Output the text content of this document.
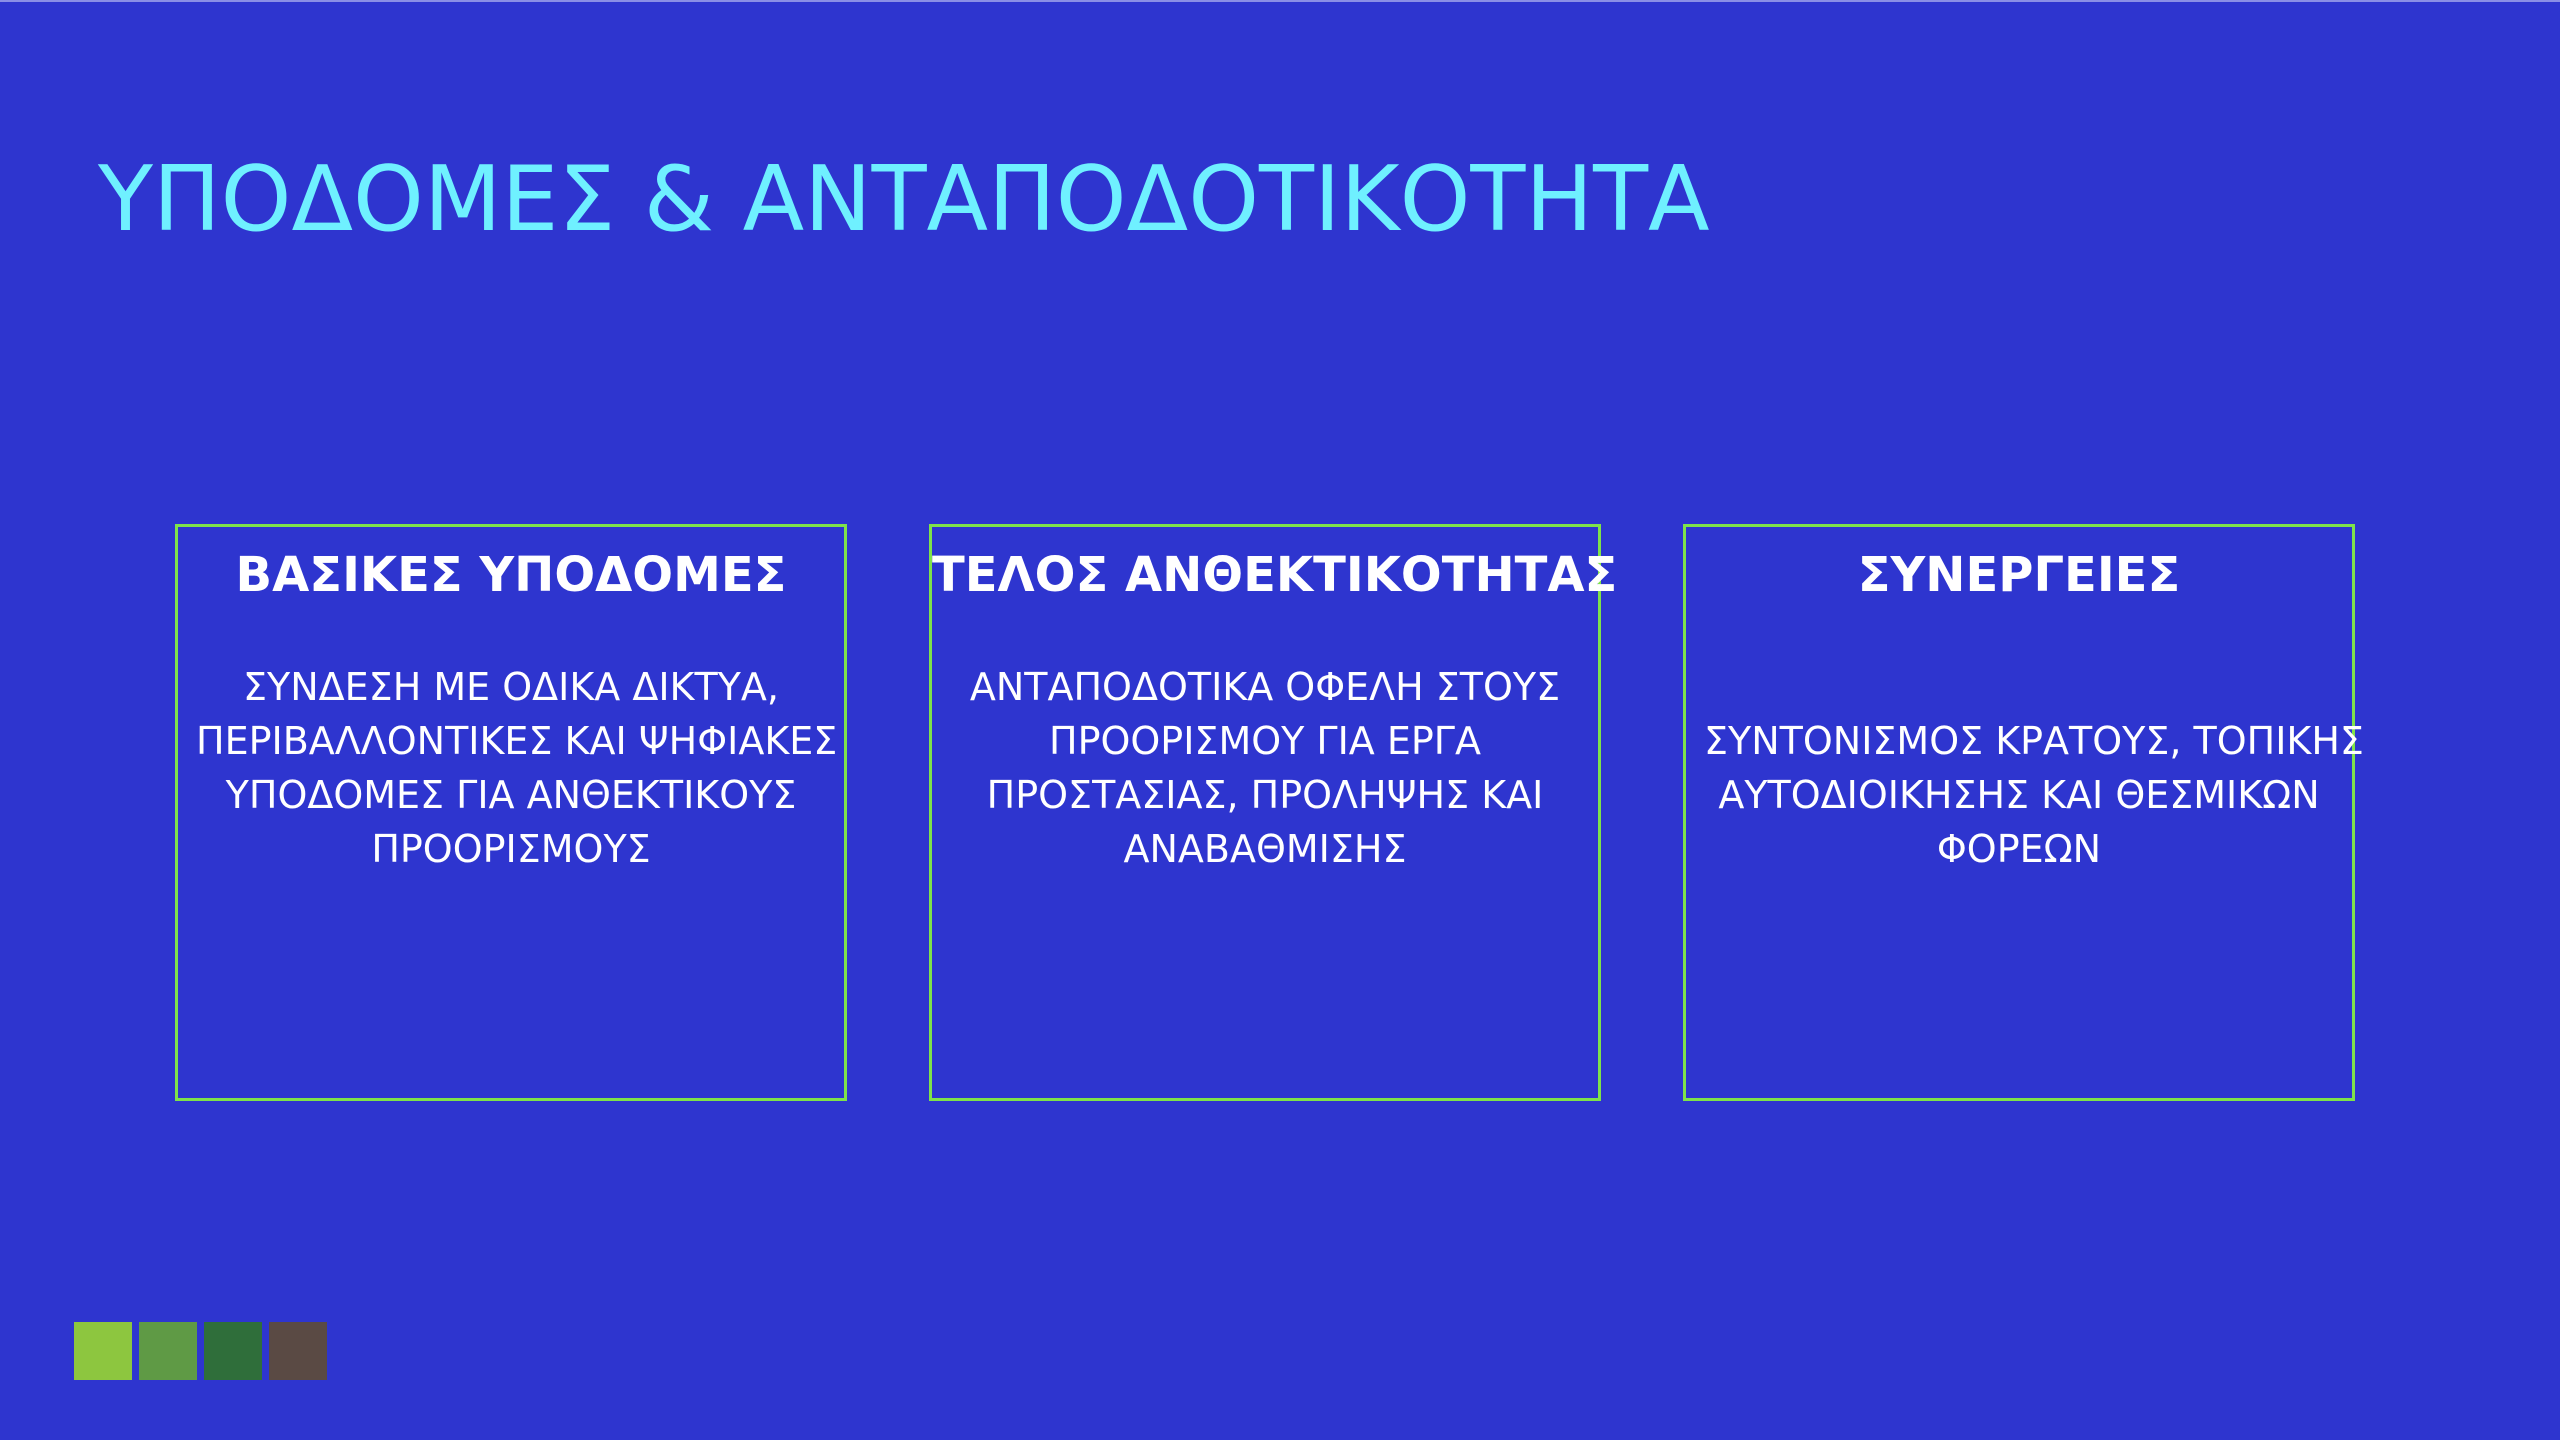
ΥΠΟΔΟΜΕΣ & ΑΝΤΑΠΟΔΟΤΙΚΟΤΗΤΑ
ΒΑΣΙΚΕΣ ΥΠΟΔΟΜΕΣ

ΣΥΝΔΕΣΗ ΜΕ ΟΔΙΚΑ ΔΙΚΤΥΑ,
ΠΕΡΙΒΑΛΛΟΝΤΙΚΕΣ ΚΑΙ ΨΗΦΙΑΚΕΣ
ΥΠΟΔΟΜΕΣ ΓΙΑ ΑΝΘΕΚΤΙΚΟΥΣ
ΠΡΟΟΡΙΣΜΟΥΣ

ΤΕΛΟΣ ΑΝΘΕΚΤΙΚΟΤΗΤΑΣ

ΑΝΤΑΠΟΔΟΤΙΚΑ ΟΦΕΛΗ ΣΤΟΥΣ
ΠΡΟΟΡΙΣΜΟΥ ΓΙΑ ΕΡΓΑ
ΠΡΟΣΤΑΣΙΑΣ, ΠΡΟΛΗΨΗΣ ΚΑΙ
ΑΝΑΒΑΘΜΙΣΗΣ

ΣΥΝΕΡΓΕΙΕΣ

ΣΥΝΤΟΝΙΣΜΟΣ ΚΡΑΤΟΥΣ, ΤΟΠΙΚΗΣ
ΑΥΤΟΔΙΟΙΚΗΣΗΣ ΚΑΙ ΘΕΣΜΙΚΩΝ
ΦΟΡΕΩΝ
